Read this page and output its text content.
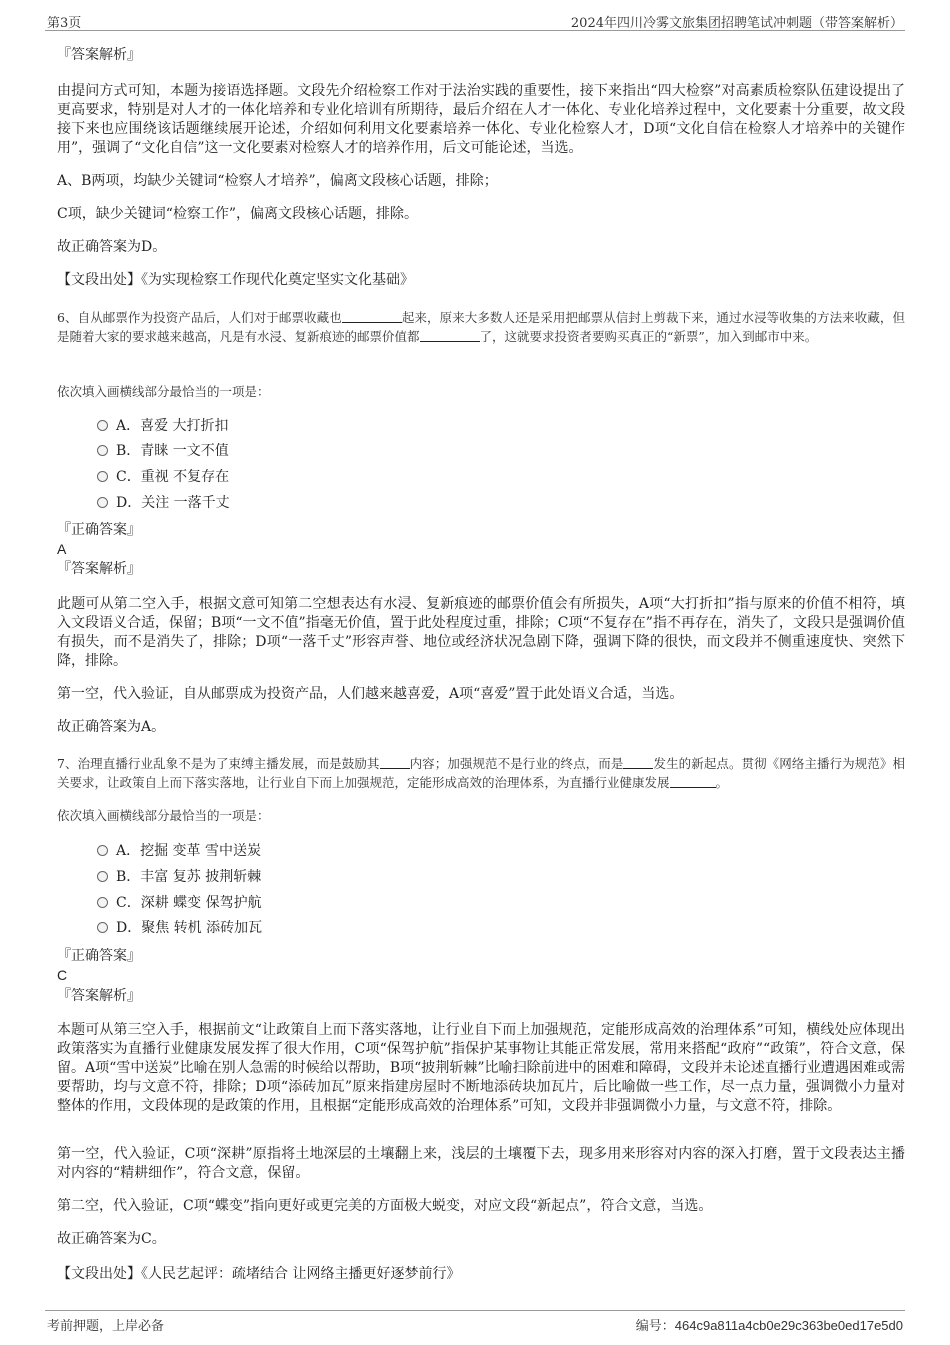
第3页	2024年四川冷雾文旅集团招聘笔试冲刺题（带答案解析）
『答案解析』
由提问方式可知，本题为接语选择题。文段先介绍检察工作对于法治实践的重要性，接下来指出“四大检察”对高素质检察队伍建设提出了更高要求，特别是对人才的一体化培养和专业化培训有所期待，最后介绍在人才一体化、专业化培养过程中，文化要素十分重要，故文段接下来也应围绕该话题继续展开论述，介绍如何利用文化要素培养一体化、专业化检察人才，D项“文化自信在检察人才培养中的关键作用”，强调了“文化自信”这一文化要素对检察人才的培养作用，后文可能论述，当选。
A、B两项，均缺少关键词“检察人才培养”，偏离文段核心话题，排除；
C项，缺少关键词“检察工作”，偏离文段核心话题，排除。
故正确答案为D。
【文段出处】《为实现检察工作现代化奠定坚实文化基础》
6、自从邮票作为投资产品后，人们对于邮票收藏也	起来，原来大多数人还是采用把邮票从信封上剪裁下来，通过水浸等收集的方法来收藏，但是随着大家的要求越来越高，凡是有水浸、复新痕迹的邮票价值都	了，这就要求投资者要购买真正的“新票”，加入到邮市中来。
依次填入画横线部分最恰当的一项是：
A．喜爱 大打折扣
B．青睐 一文不值
C．重视 不复存在
D．关注 一落千丈
『正确答案』
A
『答案解析』
此题可从第二空入手，根据文意可知第二空想表达有水浸、复新痕迹的邮票价值会有所损失，A项“大打折扣”指与原来的价值不相符，填入文段语义合适，保留；B项“一文不值”指毫无价值，置于此处程度过重，排除；C项“不复存在”指不再存在，消失了，文段只是强调价值有损失，而不是消失了，排除；D项“一落千丈”形容声誉、地位或经济状况急剧下降，强调下降的很快，而文段并不侧重速度快、突然下降，排除。
第一空，代入验证，自从邮票成为投资产品，人们越来越喜爱，A项“喜爱”置于此处语义合适，当选。
故正确答案为A。
7、治理直播行业乱象不是为了束缚主播发展，而是鼓励其 内容；加强规范不是行业的终点，而是 发生的新起点。贯彻《网络主播行为规范》相关要求，让政策自上而下落实落地，让行业自下而上加强规范，定能形成高效的治理体系，为直播行业健康发展	。
依次填入画横线部分最恰当的一项是：
A．挖掘 变革 雪中送炭
B．丰富 复苏 披荆斩棘
C．深耕 蝶变 保驾护航
D．聚焦 转机 添砖加瓦
『正确答案』
C
『答案解析』
本题可从第三空入手，根据前文“让政策自上而下落实落地，让行业自下而上加强规范，定能形成高效的治理体系”可知，横线处应体现出政策落实为直播行业健康发展发挥了很大作用，C项“保驾护航”指保护某事物让其能正常发展，常用来搭配“政府”“政策”，符合文意，保留。A项“雪中送炭”比喻在别人急需的时候给以帮助，B项“披荆斩棘”比喻扫除前进中的困难和障碍，文段并未论述直播行业遭遇困难或需要帮助，均与文意不符，排除；D项“添砖加瓦”原来指建房屋时不断地添砖块加瓦片，后比喻做一些工作，尽一点力量，强调微小力量对整体的作用，文段体现的是政策的作用，且根据“定能形成高效的治理体系”可知，文段并非强调微小力量，与文意不符，排除。
第一空，代入验证，C项“深耕”原指将土地深层的土壤翻上来，浅层的土壤覆下去，现多用来形容对内容的深入打磨，置于文段表达主播对内容的“精耕细作”，符合文意，保留。
第二空，代入验证，C项“蝶变”指向更好或更完美的方面极大蜕变，对应文段“新起点”，符合文意，当选。
故正确答案为C。
【文段出处】《人民艺起评：疏堵结合 让网络主播更好逐梦前行》
考前押题，上岸必备	编号：464c9a811a4cb0e29c363be0ed17e5d0
